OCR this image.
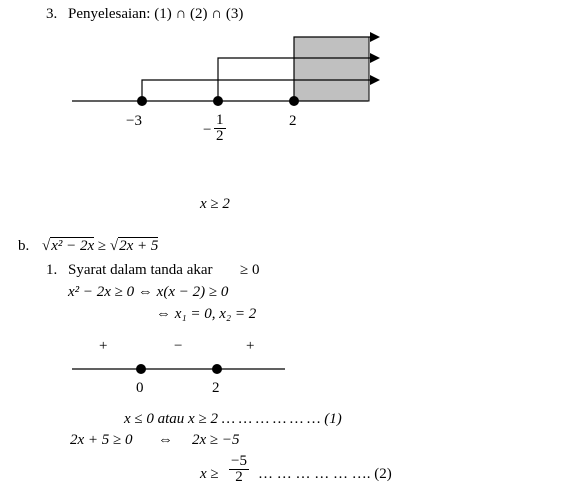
3. Penyelesaian: (1) ∩ (2) ∩ (3)
−3
− $\frac{1}{2}$	2
x ≥ 2
b. √x² − 2x ≥ √2x + 5
1. Syarat dalam tanda akar ≥ 0
x² − 2x ≥ 0 ⇔ x(x − 2) ≥ 0
⇔ x₁ = 0, x₂ = 2
+	−	+
0	2
x ≤ 0 atau x ≥ 2 … … … … … … (1)
2x + 5 ≥ 0 ⇔ 2x ≥ −5
$x \ge \frac{-5}{2}$ … … … … … …. (2)
